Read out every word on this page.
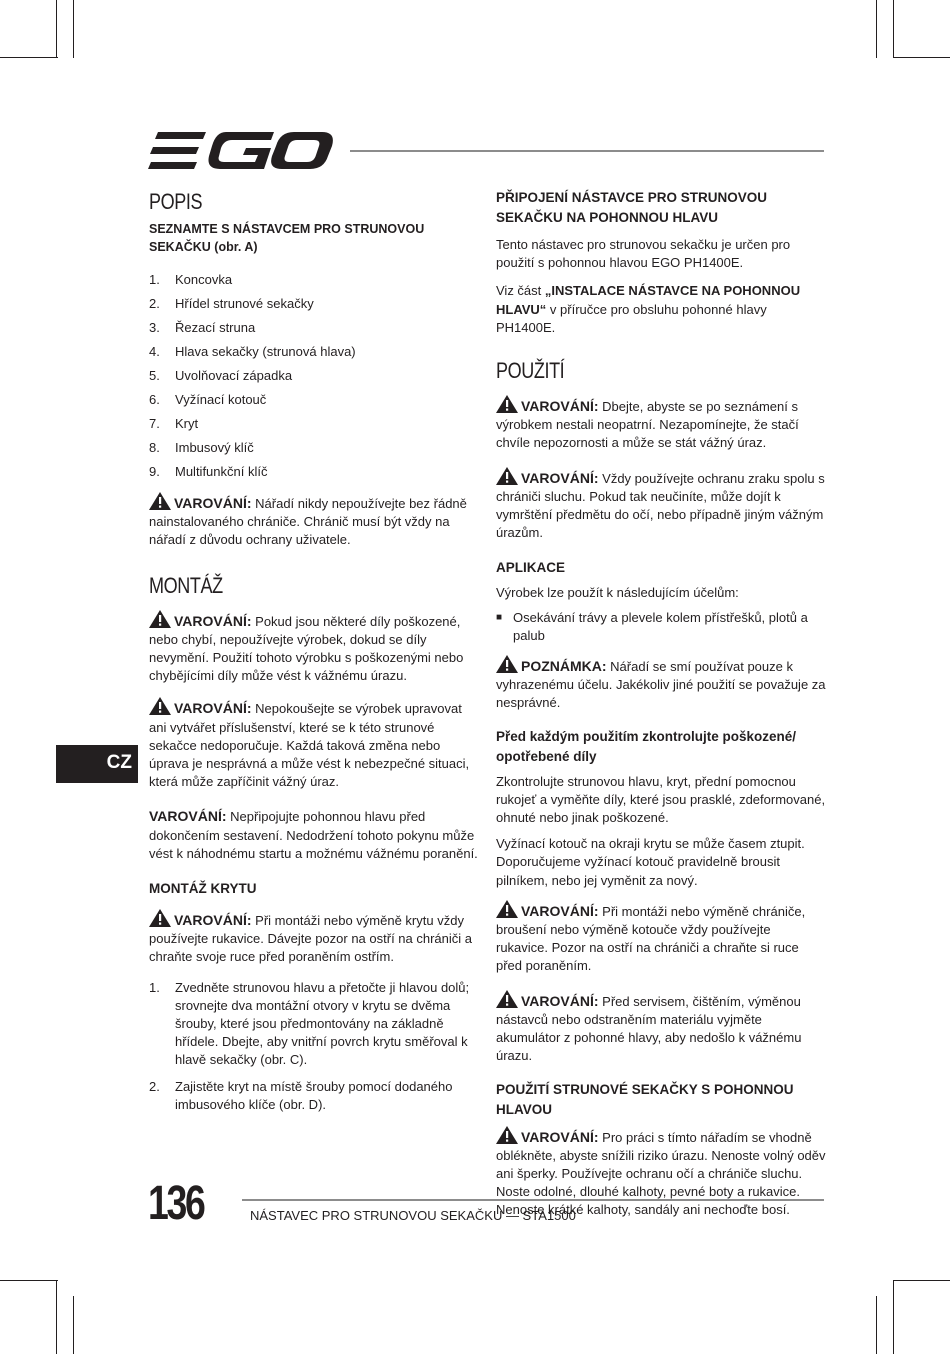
POPIS
SEZNAMTE S NÁSTAVCEM PRO STRUNOVOU SEKAČKU (obr. A)
1.	Koncovka
2.	Hřídel strunové sekačky
3.	Řezací struna
4.	Hlava sekačky (strunová hlava)
5.	Uvolňovací západka
6.	Vyžínací kotouč
7.	Kryt
8.	Imbusový klíč
9.	Multifunkční klíč

VAROVÁNÍ: Nářadí nikdy nepoužívejte bez řádně nainstalovaného chrániče. Chránič musí být vždy na nářadí z důvodu ochrany uživatele.

MONTÁŽ

VAROVÁNÍ: Pokud jsou některé díly poškozené, nebo chybí, nepoužívejte výrobek, dokud se díly nevymění. Použití tohoto výrobku s poškozenými nebo chybějícími díly může vést k vážnému úrazu.

VAROVÁNÍ: Nepokoušejte se výrobek upravovat ani vytvářet příslušenství, které se k této strunové sekačce nedoporučuje. Každá taková změna nebo úprava je nesprávná a může vést k nebezpečné situaci, která může zapříčinit vážný úraz.

VAROVÁNÍ: Nepřipojujte pohonnou hlavu před dokončením sestavení. Nedodržení tohoto pokynu může vést k náhodnému startu a možnému vážnému poranění.

MONTÁŽ KRYTU

VAROVÁNÍ: Při montáži nebo výměně krytu vždy používejte rukavice. Dávejte pozor na ostří na chrániči a chraňte svoje ruce před poraněním ostřím.

1.	Zvedněte strunovou hlavu a přetočte ji hlavou dolů; srovnejte dva montážní otvory v krytu se dvěma šrouby, které jsou předmontovány na základně hřídele. Dbejte, aby vnitřní povrch krytu směřoval k hlavě sekačky (obr. C).
2.	Zajistěte kryt na místě šrouby pomocí dodaného imbusového klíče (obr. D).
PŘIPOJENÍ NÁSTAVCE PRO STRUNOVOU SEKAČKU NA POHONNOU HLAVU

Tento nástavec pro strunovou sekačku je určen pro použití s pohonnou hlavou EGO PH1400E.

Viz část „INSTALACE NÁSTAVCE NA POHONNOU HLAVU“ v příručce pro obsluhu pohonné hlavy PH1400E.

POUŽITÍ

VAROVÁNÍ: Dbejte, abyste se po seznámení s výrobkem nestali neopatrní. Nezapomínejte, že stačí chvíle nepozornosti a může se stát vážný úraz.

VAROVÁNÍ: Vždy používejte ochranu zraku spolu s chrániči sluchu. Pokud tak neučiníte, může dojít k vymrštění předmětu do očí, nebo případně jiným vážným úrazům.

APLIKACE

Výrobek lze použít k následujícím účelům:

■ Osekávání trávy a plevele kolem přístřešků, plotů a palub

POZNÁMKA: Nářadí se smí používat pouze k vyhrazenému účelu. Jakékoliv jiné použití se považuje za nesprávné.

Před každým použitím zkontrolujte poškozené/ opotřebené díly

Zkontrolujte strunovou hlavu, kryt, přední pomocnou rukojeť a vyměňte díly, které jsou prasklé, zdeformované, ohnuté nebo jinak poškozené.

Vyžínací kotouč na okraji krytu se může časem ztupit. Doporučujeme vyžínací kotouč pravidelně brousit pilníkem, nebo jej vyměnit za nový.

VAROVÁNÍ: Při montáži nebo výměně chrániče, broušení nebo výměně kotouče vždy používejte rukavice. Pozor na ostří na chrániči a chraňte si ruce před poraněním.

VAROVÁNÍ: Před servisem, čištěním, výměnou nástavců nebo odstraněním materiálu vyjměte akumulátor z pohonné hlavy, aby nedošlo k vážnému úrazu.

POUŽITÍ STRUNOVÉ SEKAČKY S POHONNOU HLAVOU

VAROVÁNÍ: Pro práci s tímto nářadím se vhodně oblékněte, abyste snížili riziko úrazu. Nenoste volný oděv ani šperky. Používejte ochranu očí a chrániče sluchu. Noste odolné, dlouhé kalhoty, pevné boty a rukavice. Nenoste krátké kalhoty, sandály ani nechoďte bosí.

CZ
136	NÁSTAVEC PRO STRUNOVOU SEKAČKU — STA1500
